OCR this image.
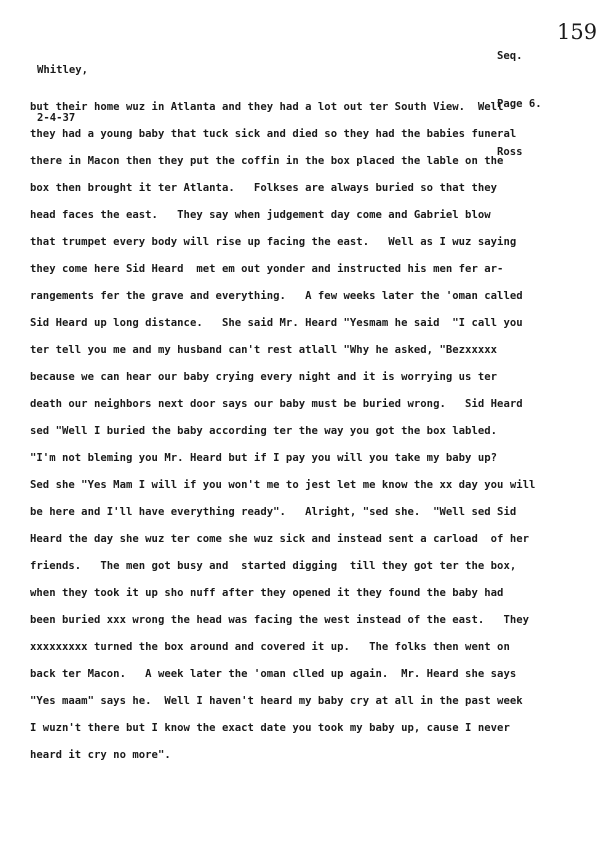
Whitley,

2-4-37

Seq.

Page 6.

Ross

159
but their home wuz in Atlanta and they had a lot out ter South View.  Well
they had a young baby that tuck sick and died so they had the babies funeral
there in Macon then they put the coffin in the box placed the lable on the
box then brought it ter Atlanta.   Folkses are always buried so that they
head faces the east.   They say when judgement day come and Gabriel blow
that trumpet every body will rise up facing the east.   Well as I wuz saying
they come here Sid Heard  met em out yonder and instructed his men fer ar-
rangements fer the grave and everything.   A few weeks later the 'oman called
Sid Heard up long distance.   She said Mr. Heard "Yesmam he said  "I call you
ter tell you me and my husband can't rest atlall "Why he asked, "Bezxxxxx
because we can hear our baby crying every night and it is worrying us ter
death our neighbors next door says our baby must be buried wrong.   Sid Heard
sed "Well I buried the baby according ter the way you got the box labled.
"I'm not bleming you Mr. Heard but if I pay you will you take my baby up?
Sed she "Yes Mam I will if you won't me to jest let me know the xx day you will
be here and I'll have everything ready".   Alright, "sed she.  "Well sed Sid
Heard the day she wuz ter come she wuz sick and instead sent a carload  of her
friends.   The men got busy and  started digging  till they got ter the box,
when they took it up sho nuff after they opened it they found the baby had
been buried xxx wrong the head was facing the west instead of the east.   They
xxxxxxxxx turned the box around and covered it up.   The folks then went on
back ter Macon.   A week later the 'oman clled up again.  Mr. Heard she says
"Yes maam" says he.  Well I haven't heard my baby cry at all in the past week
I wuzn't there but I know the exact date you took my baby up, cause I never
heard it cry no more".
